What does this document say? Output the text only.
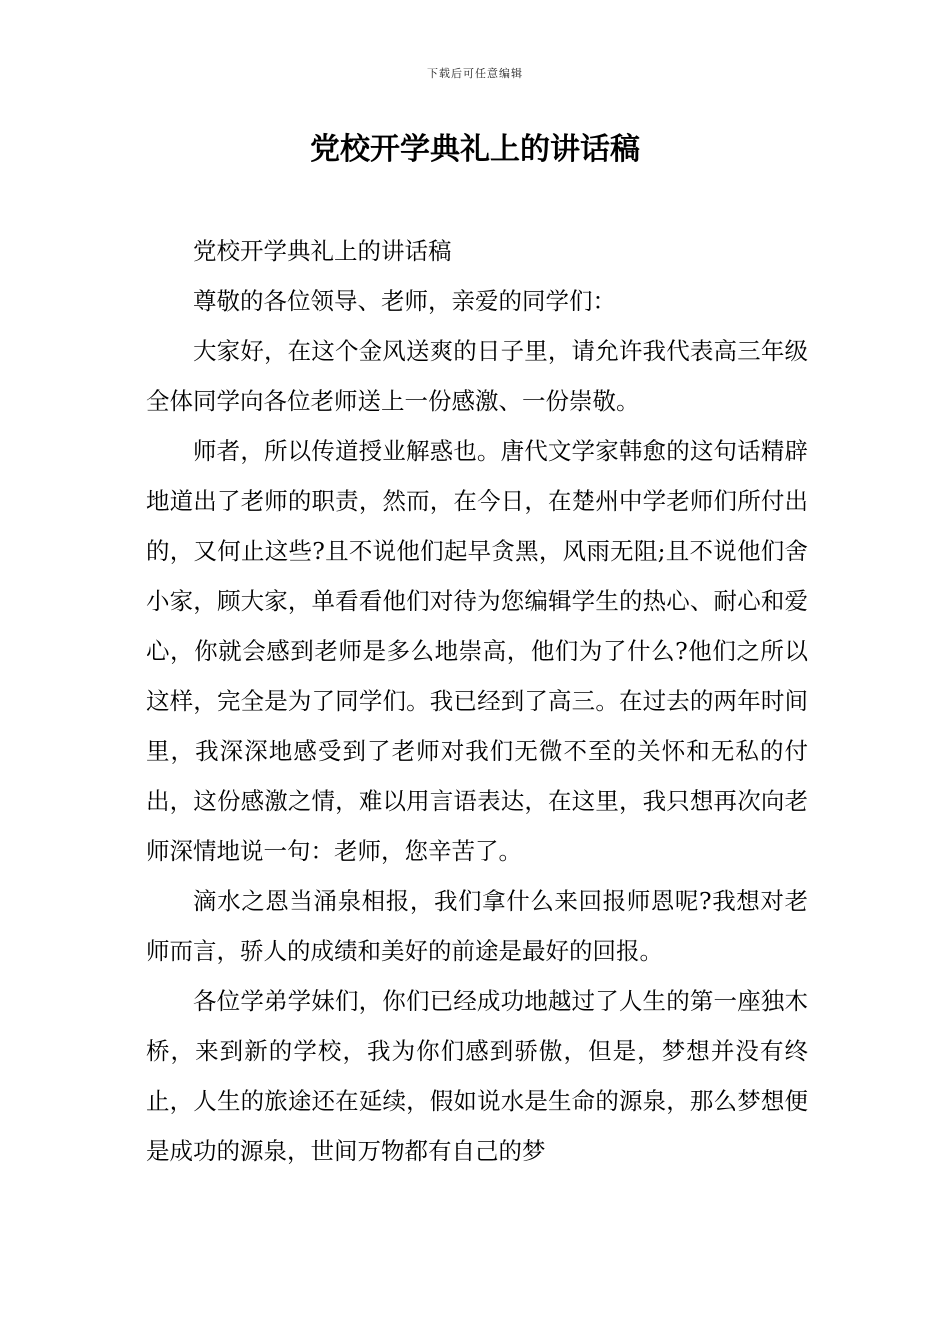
下载后可任意编辑
党校开学典礼上的讲话稿

党校开学典礼上的讲话稿

尊敬的各位领导、老师，亲爱的同学们：

大家好，在这个金风送爽的日子里，请允许我代表高三年级全体同学向各位老师送上一份感激、一份崇敬。

师者，所以传道授业解惑也。唐代文学家韩愈的这句话精辟地道出了老师的职责，然而，在今日，在楚州中学老师们所付出的，又何止这些?且不说他们起早贪黑，风雨无阻;且不说他们舍小家，顾大家，单看看他们对待为您编辑学生的热心、耐心和爱心，你就会感到老师是多么地崇高，他们为了什么?他们之所以这样，完全是为了同学们。我已经到了高三。在过去的两年时间里，我深深地感受到了老师对我们无微不至的关怀和无私的付出，这份感激之情，难以用言语表达，在这里，我只想再次向老师深情地说一句：老师，您辛苦了。

滴水之恩当涌泉相报，我们拿什么来回报师恩呢?我想对老师而言，骄人的成绩和美好的前途是最好的回报。

各位学弟学妹们，你们已经成功地越过了人生的第一座独木桥，来到新的学校，我为你们感到骄傲，但是，梦想并没有终止，人生的旅途还在延续，假如说水是生命的源泉，那么梦想便是成功的源泉，世间万物都有自己的梦
